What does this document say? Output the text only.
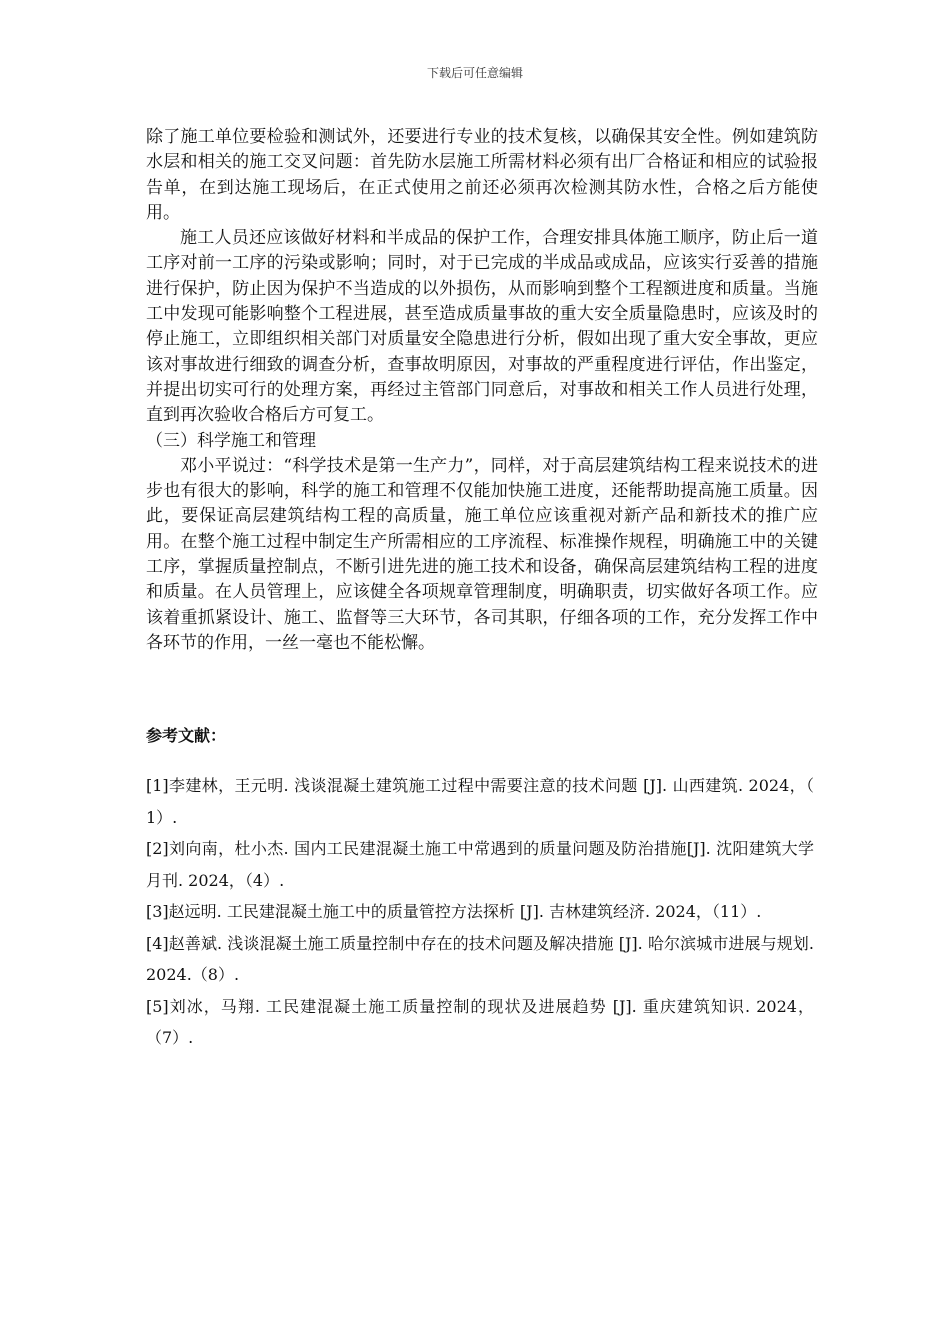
下载后可任意编辑

除了施工单位要检验和测试外，还要进行专业的技术复核，以确保其安全性。例如建筑防水层和相关的施工交叉问题：首先防水层施工所需材料必须有出厂合格证和相应的试验报告单，在到达施工现场后，在正式使用之前还必须再次检测其防水性，合格之后方能使用。

施工人员还应该做好材料和半成品的保护工作，合理安排具体施工顺序，防止后一道工序对前一工序的污染或影响；同时，对于已完成的半成品或成品，应该实行妥善的措施进行保护，防止因为保护不当造成的以外损伤，从而影响到整个工程额进度和质量。当施工中发现可能影响整个工程进展，甚至造成质量事故的重大安全质量隐患时，应该及时的停止施工，立即组织相关部门对质量安全隐患进行分析，假如出现了重大安全事故，更应该对事故进行细致的调查分析，查事故明原因，对事故的严重程度进行评估，作出鉴定，并提出切实可行的处理方案，再经过主管部门同意后，对事故和相关工作人员进行处理，直到再次验收合格后方可复工。

（三）科学施工和管理

邓小平说过：“科学技术是第一生产力”，同样，对于高层建筑结构工程来说技术的进步也有很大的影响，科学的施工和管理不仅能加快施工进度，还能帮助提高施工质量。因此，要保证高层建筑结构工程的高质量，施工单位应该重视对新产品和新技术的推广应用。在整个施工过程中制定生产所需相应的工序流程、标准操作规程，明确施工中的关键工序，掌握质量控制点，不断引进先进的施工技术和设备，确保高层建筑结构工程的进度和质量。在人员管理上，应该健全各项规章管理制度，明确职责，切实做好各项工作。应该着重抓紧设计、施工、监督等三大环节，各司其职，仔细各项的工作，充分发挥工作中各环节的作用，一丝一毫也不能松懈。

参考文献：
[1]李建林，王元明. 浅谈混凝土建筑施工过程中需要注意的技术问题 [J]. 山西建筑. 2024，（ 1）.
[2]刘向南，杜小杰. 国内工民建混凝土施工中常遇到的质量问题及防治措施[J]. 沈阳建筑大学月刊. 2024，（4）.
[3]赵远明. 工民建混凝土施工中的质量管控方法探析 [J]. 吉林建筑经济. 2024，（11）.
[4]赵善斌. 浅谈混凝土施工质量控制中存在的技术问题及解决措施 [J]. 哈尔滨城市进展与规划. 2024.（8）.
[5]刘冰，马翔. 工民建混凝土施工质量控制的现状及进展趋势 [J]. 重庆建筑知识. 2024，（7）.
